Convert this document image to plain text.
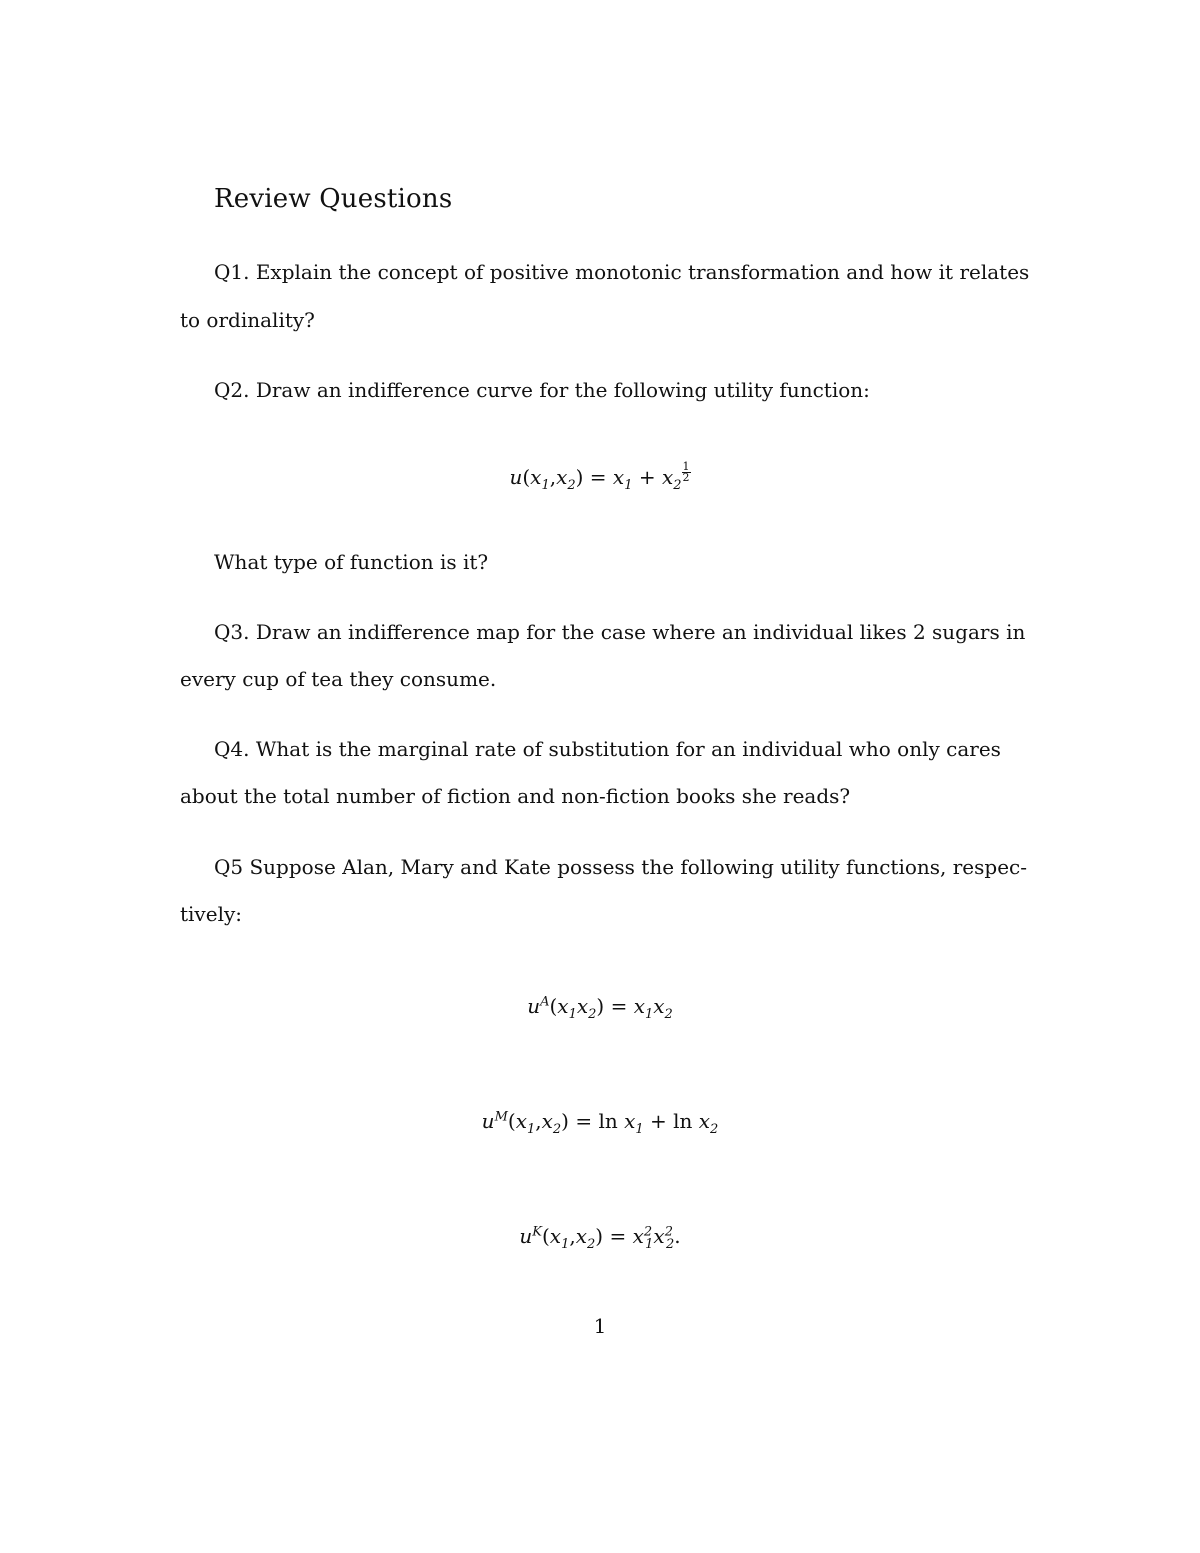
Review Questions
Q1. Explain the concept of positive monotonic transformation and how it relates
to ordinality?
Q2. Draw an indifference curve for the following utility function:
$u(x_1,x_2) = x_1 + x_2$
$\frac{1}{2}$
What type of function is it?
Q3. Draw an indifference map for the case where an individual likes 2 sugars in
every cup of tea they consume.
Q4. What is the marginal rate of substitution for an individual who only cares
about the total number of fiction and non-fiction books she reads?
Q5 Suppose Alan, Mary and Kate possess the following utility functions, respec-
tively:
$u^A(x_1x_2) = x_1x_2$
$u^M(x_1,x_2) = \ln x_1 + \ln x_2$
$u^K(x_1,x_2) = x^2_1x^2_2$.
1
